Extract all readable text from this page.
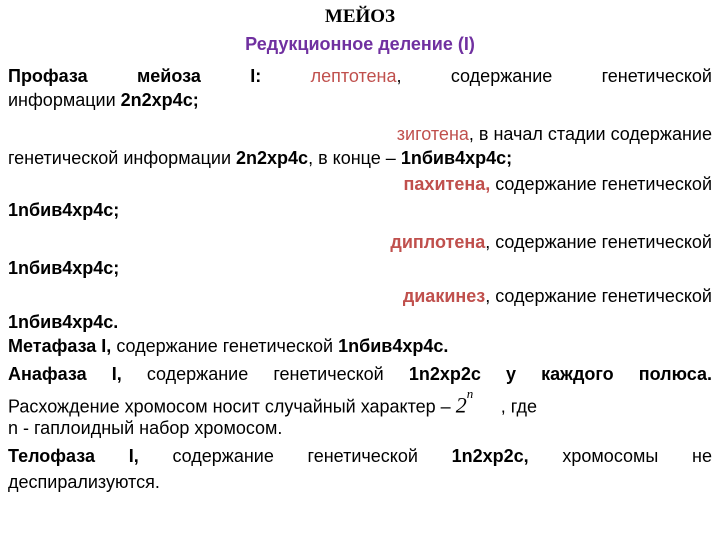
МЕЙОЗ
Редукционное деление (I)
Профаза мейоза I:	лептотена,	содержание генетической
информации 2n2хр4с;
зиготена, в начал стадии содержание
генетической информации 2n2хр4с, в конце – 1nбив4хр4с;
пахитена, содержание генетической
1nбив4хр4с;
диплотена, содержание генетической
1nбив4хр4с;
диакинез, содержание генетической
1nбив4хр4с.
Метафаза I, содержание генетической 1nбив4хр4с.
Анафаза I, содержание генетической 1n2хр2с у каждого полюса.
Расхождение хромосом носит случайный характер – 2$^n$ , где
n - гаплоидный набор хромосом.
Телофаза I, содержание генетической 1n2хр2с, хромосомы не
деспирализуются.
